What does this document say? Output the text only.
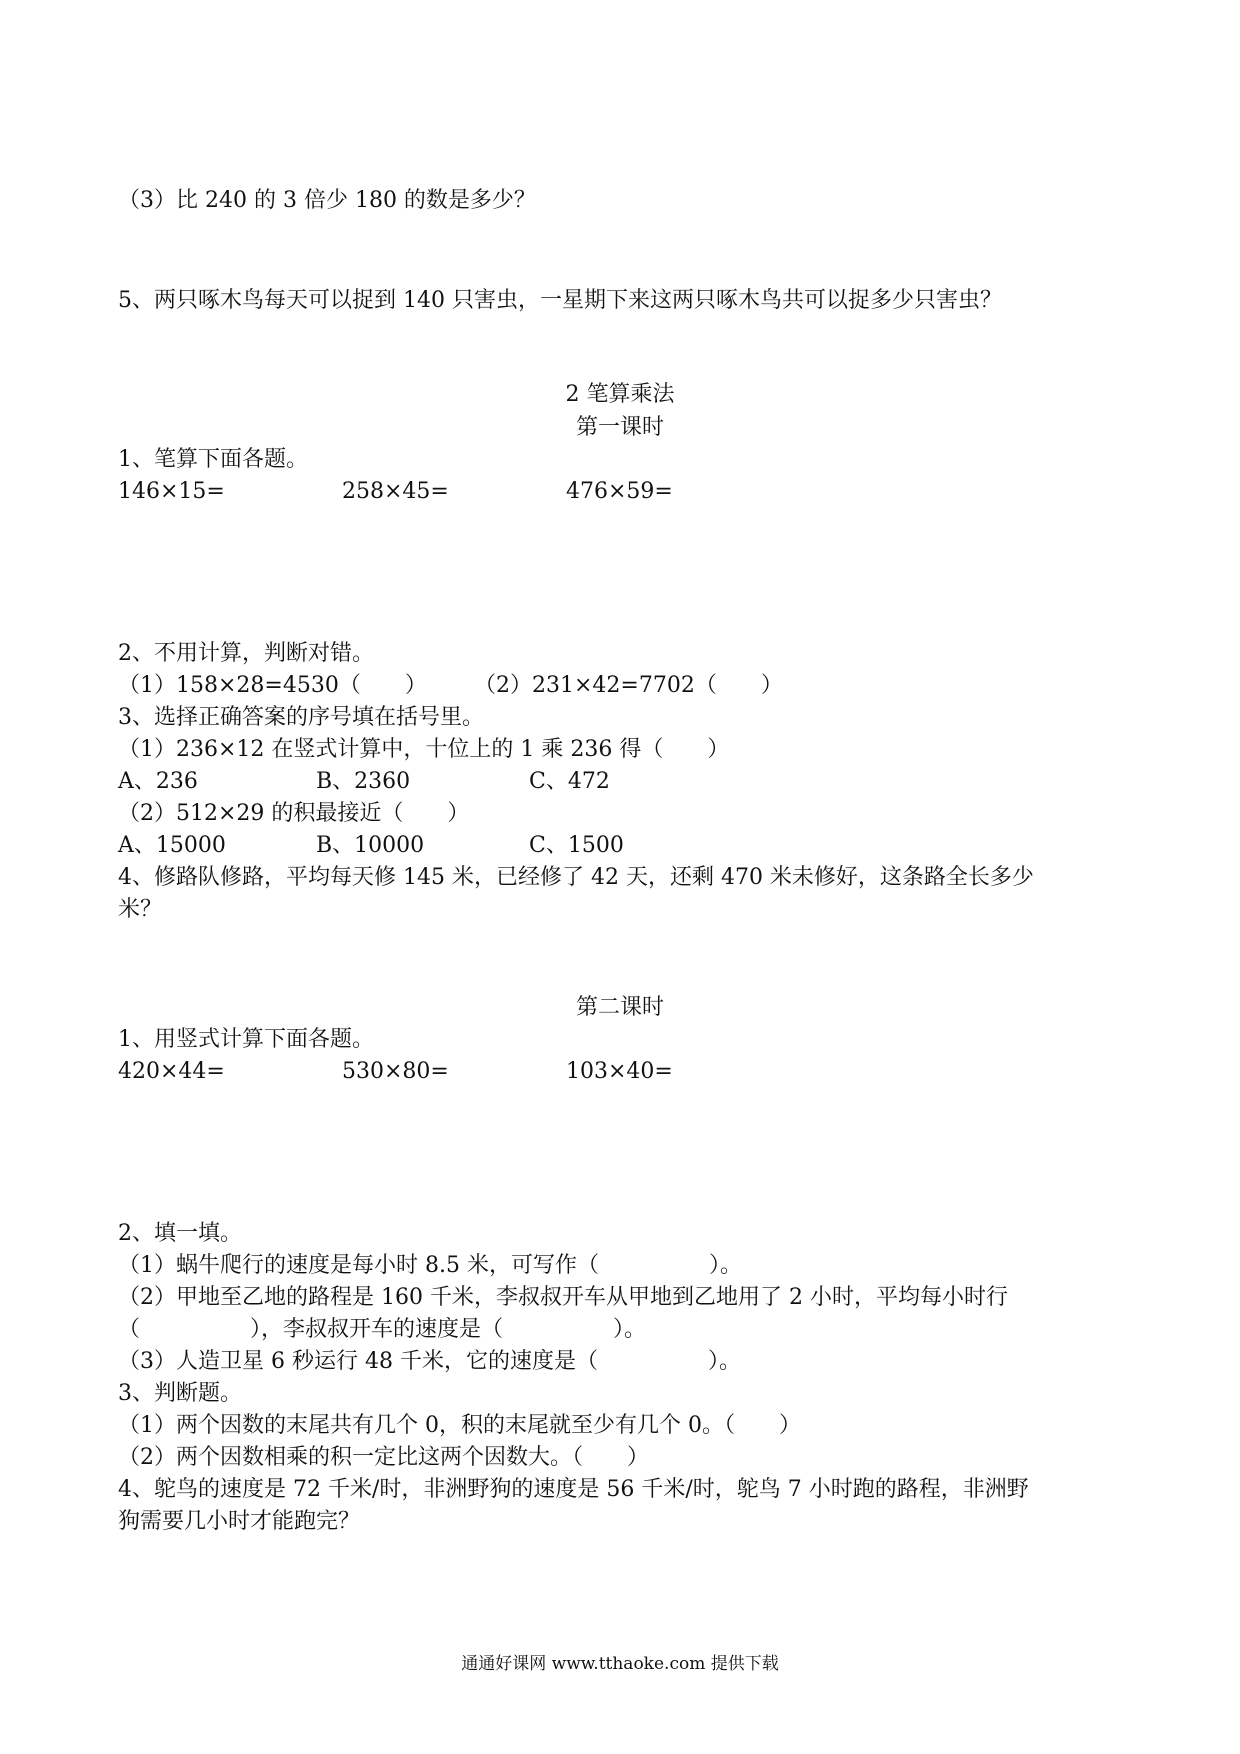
（3）比 240 的 3 倍少 180 的数是多少？
5、两只啄木鸟每天可以捉到 140 只害虫，一星期下来这两只啄木鸟共可以捉多少只害虫？
2 笔算乘法
第一课时
1、笔算下面各题。
146×15=	258×45=	476×59=
2、不用计算，判断对错。
（1）158×28=4530（　　） （2）231×42=7702（　　）
3、选择正确答案的序号填在括号里。
（1）236×12 在竖式计算中，十位上的 1 乘 236 得（　　）
A、236	B、2360	C、472
（2）512×29 的积最接近（　　）
A、15000	B、10000	C、1500
4、修路队修路，平均每天修 145 米，已经修了 42 天，还剩 470 米未修好，这条路全长多少
米？
第二课时
1、用竖式计算下面各题。
420×44=	530×80=	103×40=
2、填一填。
（1）蜗牛爬行的速度是每小时 8.5 米，可写作（　　　　　）。
（2）甲地至乙地的路程是 160 千米，李叔叔开车从甲地到乙地用了 2 小时，平均每小时行
（　　　　　），李叔叔开车的速度是（　　　　　）。
（3）人造卫星 6 秒运行 48 千米，它的速度是（　　　　　）。
3、判断题。
（1）两个因数的末尾共有几个 0，积的末尾就至少有几个 0。（　　）
（2）两个因数相乘的积一定比这两个因数大。（　　）
4、鸵鸟的速度是 72 千米/时，非洲野狗的速度是 56 千米/时，鸵鸟 7 小时跑的路程，非洲野
狗需要几小时才能跑完？
通通好课网 www.tthaoke.com 提供下载
